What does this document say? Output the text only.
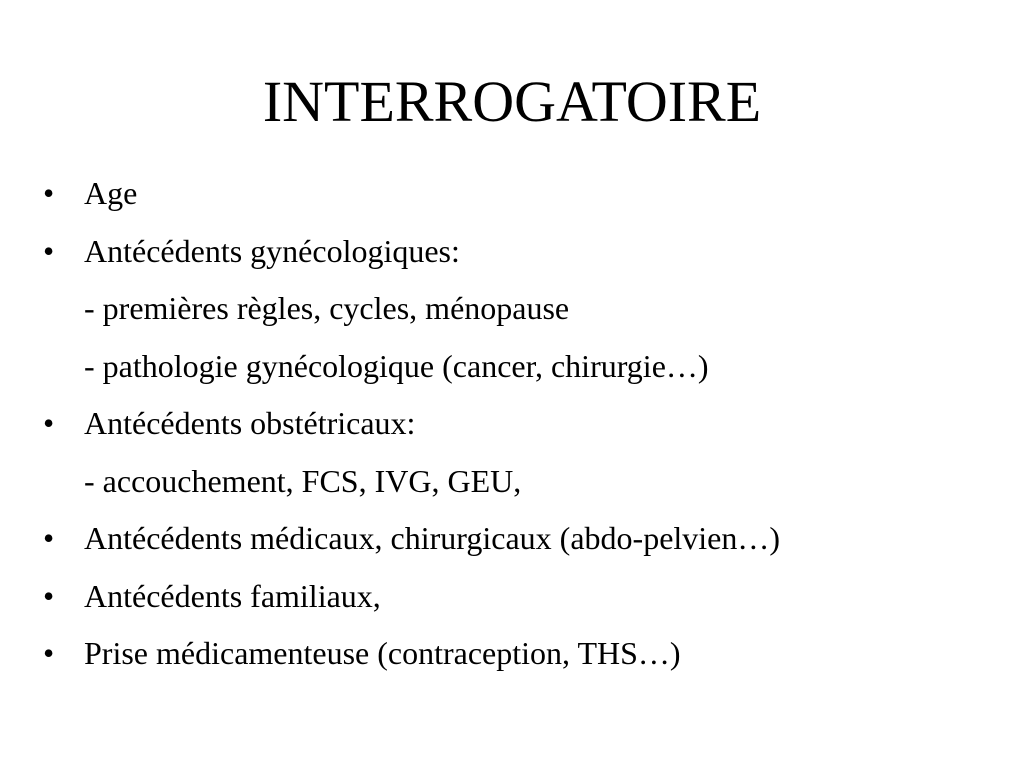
INTERROGATOIRE
• Age
• Antécédents gynécologiques:
- premières règles, cycles, ménopause
- pathologie gynécologique (cancer, chirurgie…)
• Antécédents obstétricaux:
- accouchement, FCS, IVG, GEU,
• Antécédents médicaux, chirurgicaux (abdo-pelvien…)
• Antécédents familiaux,
• Prise médicamenteuse (contraception, THS…)
